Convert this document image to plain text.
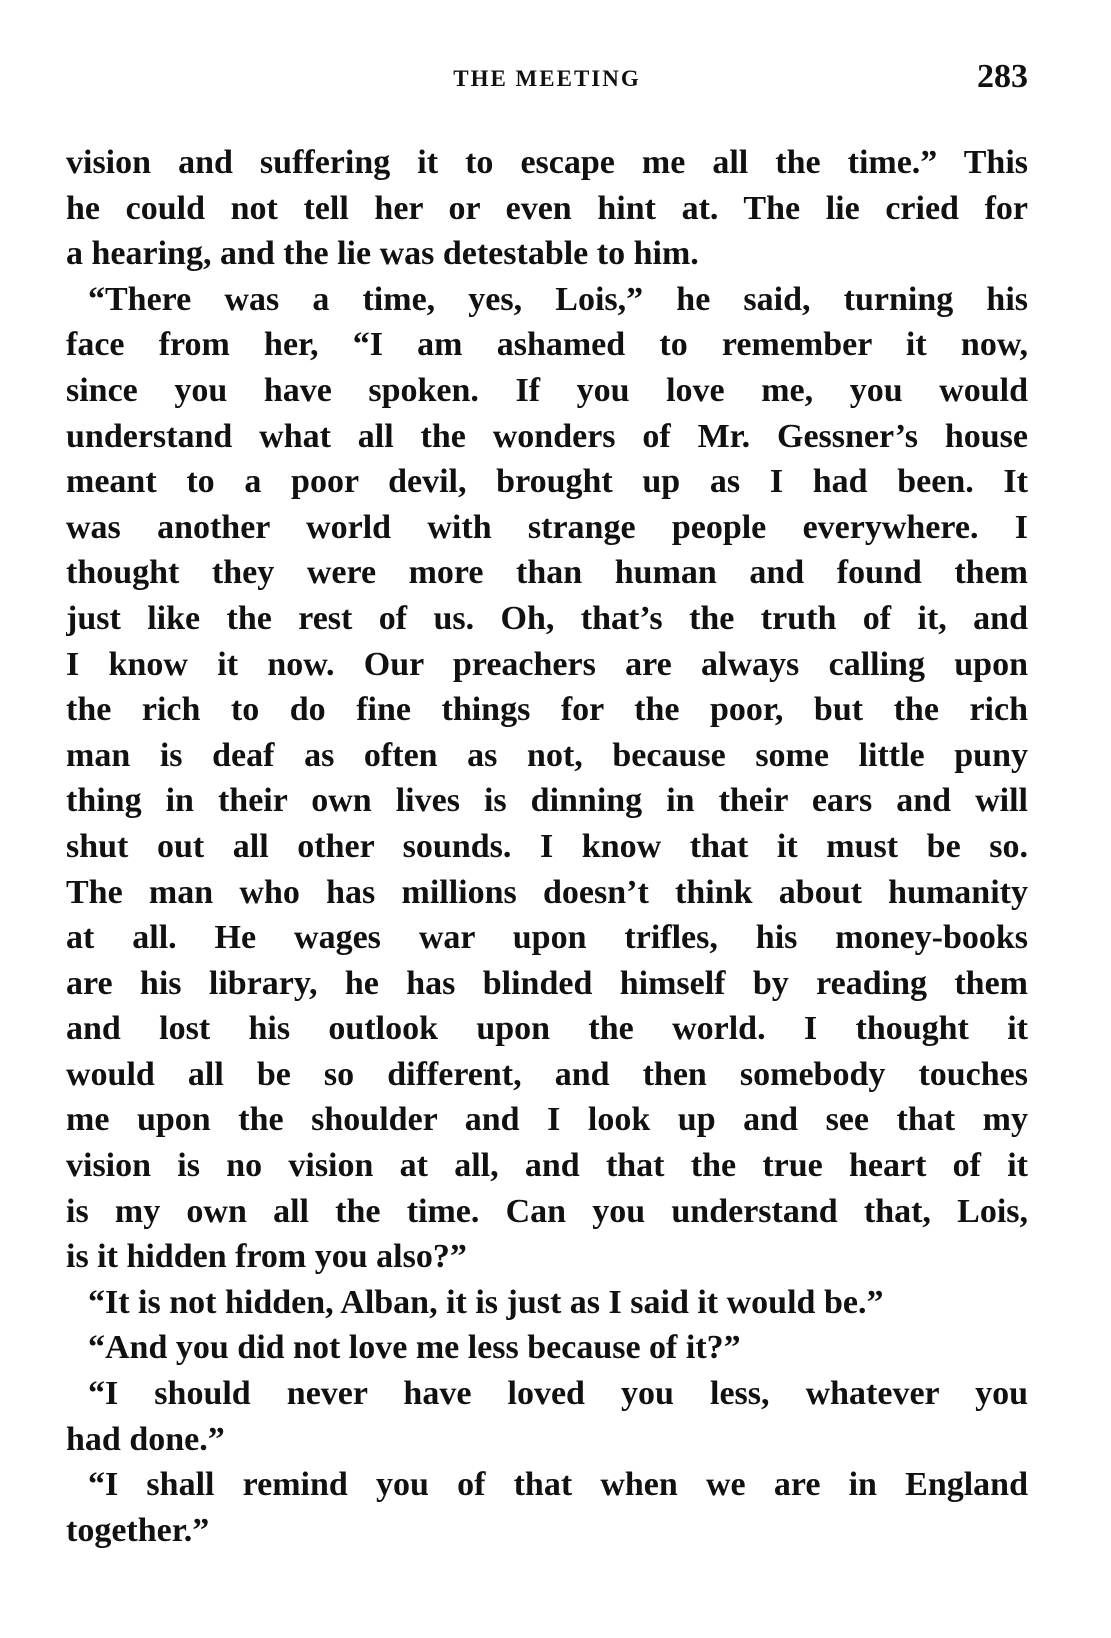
THE MEETING	283
vision and suffering it to escape me all the time.” This
he could not tell her or even hint at. The lie cried for
a hearing, and the lie was detestable to him.
“There was a time, yes, Lois,” he said, turning his
face from her, “I am ashamed to remember it now,
since you have spoken. If you love me, you would
understand what all the wonders of Mr. Gessner’s house
meant to a poor devil, brought up as I had been. It
was another world with strange people everywhere. I
thought they were more than human and found them
just like the rest of us. Oh, that’s the truth of it, and
I know it now. Our preachers are always calling upon
the rich to do fine things for the poor, but the rich
man is deaf as often as not, because some little puny
thing in their own lives is dinning in their ears and will
shut out all other sounds. I know that it must be so.
The man who has millions doesn’t think about humanity
at all. He wages war upon trifles, his money-books
are his library, he has blinded himself by reading them
and lost his outlook upon the world. I thought it
would all be so different, and then somebody touches
me upon the shoulder and I look up and see that my
vision is no vision at all, and that the true heart of it
is my own all the time. Can you understand that, Lois,
is it hidden from you also?”
“It is not hidden, Alban, it is just as I said it would be.”
“And you did not love me less because of it?”
“I should never have loved you less, whatever you
had done.”
“I shall remind you of that when we are in England
together.”
